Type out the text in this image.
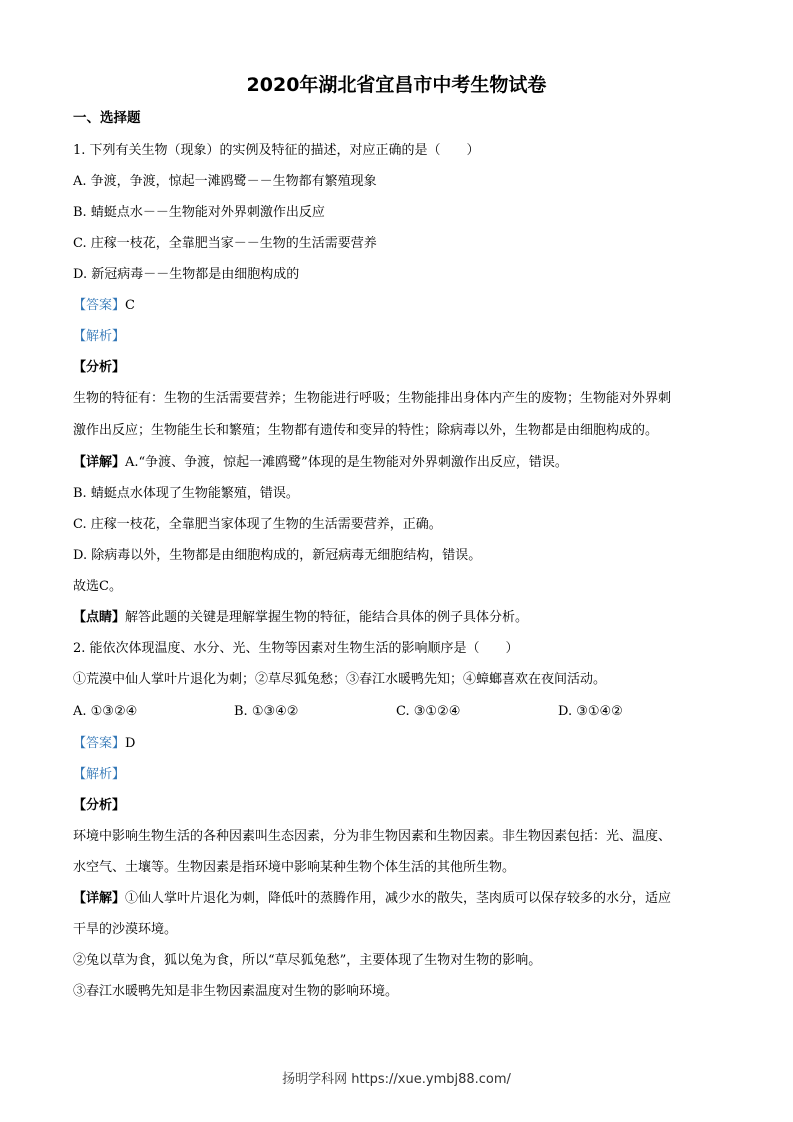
2020年湖北省宜昌市中考生物试卷
一、选择题
1. 下列有关生物（现象）的实例及特征的描述，对应正确的是（　　）
A. 争渡，争渡，惊起一滩鸥鹭－－生物都有繁殖现象
B. 蜻蜓点水－－生物能对外界刺激作出反应
C. 庄稼一枝花，全靠肥当家－－生物的生活需要营养
D. 新冠病毒－－生物都是由细胞构成的
【答案】C
【解析】
【分析】
生物的特征有：生物的生活需要营养；生物能进行呼吸；生物能排出身体内产生的废物；生物能对外界刺
激作出反应；生物能生长和繁殖；生物都有遗传和变异的特性；除病毒以外，生物都是由细胞构成的。
【详解】A.“争渡、争渡，惊起一滩鸥鹭”体现的是生物能对外界刺激作出反应，错误。
B. 蜻蜓点水体现了生物能繁殖，错误。
C. 庄稼一枝花，全靠肥当家体现了生物的生活需要营养，正确。
D. 除病毒以外，生物都是由细胞构成的，新冠病毒无细胞结构，错误。
故选C。
【点睛】解答此题的关键是理解掌握生物的特征，能结合具体的例子具体分析。
2. 能依次体现温度、水分、光、生物等因素对生物生活的影响顺序是（　　）
①荒漠中仙人掌叶片退化为刺；②草尽狐兔愁；③春江水暖鸭先知；④蟑螂喜欢在夜间活动。
A. ①③②④	B. ①③④②	C. ③①②④	D. ③①④②
【答案】D
【解析】
【分析】
环境中影响生物生活的各种因素叫生态因素，分为非生物因素和生物因素。非生物因素包括：光、温度、
水空气、土壤等。生物因素是指环境中影响某种生物个体生活的其他所生物。
【详解】①仙人掌叶片退化为刺，降低叶的蒸腾作用，减少水的散失，茎肉质可以保存较多的水分，适应
干旱的沙漠环境。
②兔以草为食，狐以兔为食，所以“草尽狐兔愁”，主要体现了生物对生物的影响。
③春江水暖鸭先知是非生物因素温度对生物的影响环境。
扬明学科网 https://xue.ymbj88.com/
